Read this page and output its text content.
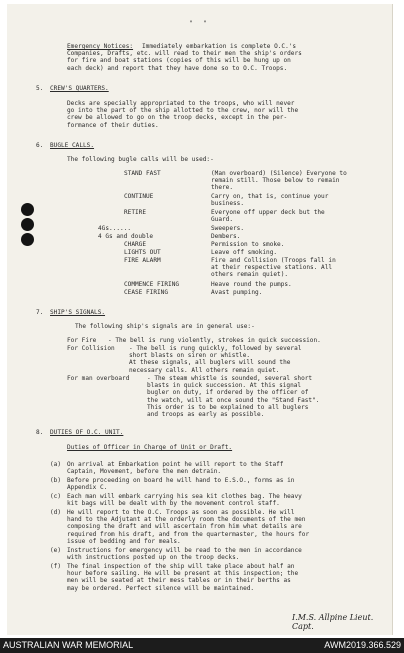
" "
Emergency Notices:	Immediately embarkation is complete O.C.'s
Companies, Drafts, etc. will read to their men the ship's orders
for fire and boat stations (copies of this will be hung up on
each deck) and report that they have done so to O.C. Troops.
5. CREW'S QUARTERS.
Decks are specially appropriated to the troops, who will never
go into the part of the ship allotted to the crew, nor will the
crew be allowed to go on the troop decks, except in the per-
formance of their duties.
6. BUGLE CALLS.
The following bugle calls will be used:-
STAND FAST	(Man overboard) (Silence) Everyone to
remain still. Those below to remain
there.
CONTINUE	Carry on, that is, continue your
business.
RETIRE	Everyone off upper deck but the
Guard.
4Gs......	Sweepers.
4 Gs and double	Dembers.
CHARGE	Permission to smoke.
LIGHTS OUT	Leave off smoking.
FIRE ALARM	Fire and Collision (Troops fall in
at their respective stations. All
others remain quiet).
COMMENCE FIRING	Heave round the pumps.
CEASE FIRING	Avast pumping.
7. SHIP'S SIGNALS.
The following ship's signals are in general use:-
For Fire - The bell is rung violently, strokes in quick succession.
For Collision - The bell is rung quickly, followed by several
short blasts on siren or whistle.
At these signals, all buglers will sound the
necessary calls. All others remain quiet.
For man overboard	- The steam whistle is sounded, several short
blasts in quick succession. At this signal
bugler on duty, if ordered by the officer of
the watch, will at once sound the "Stand Fast".
This order is to be explained to all buglers
and troops as early as possible.
8. DUTIES OF O.C. UNIT.
Duties of Officer in Charge of Unit or Draft.
(a) On arrival at Embarkation point he will report to the Staff
Captain, Movement, before the men detrain.
(b) Before proceeding on board he will hand to E.S.O., forms as in
Appendix C.
(c) Each man will embark carrying his sea kit clothes bag. The heavy
kit bags will be dealt with by the movement control staff.
(d) He will report to the O.C. Troops as soon as possible. He will
hand to the Adjutant at the orderly room the documents of the men
composing the draft and will ascertain from him what details are
required from his draft, and from the quartermaster, the hours for
issue of bedding and for meals.
(e) Instructions for emergency will be read to the men in accordance
with instructions posted up on the troop decks.
(f) The final inspection of the ship will take place about half an
hour before sailing. He will be present at this inspection; the
men will be seated at their mess tables or in their berths as
may be ordered. Perfect silence will be maintained.
I.M.S. Allpine Lieut. Capt.
AUSTRALIAN WAR MEMORIAL	AWM2019.366.529
